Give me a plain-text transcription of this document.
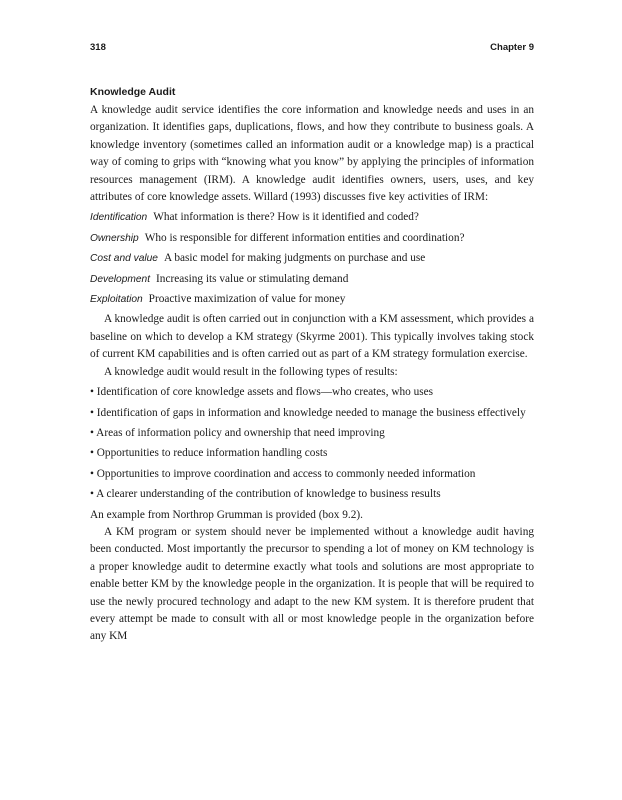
318	Chapter 9
Knowledge Audit

A knowledge audit service identifies the core information and knowledge needs and uses in an organization. It identifies gaps, duplications, flows, and how they contribute to business goals. A knowledge inventory (sometimes called an information audit or a knowledge map) is a practical way of coming to grips with “knowing what you know” by applying the principles of information resources management (IRM). A knowledge audit identifies owners, users, uses, and key attributes of core knowledge assets. Willard (1993) discusses five key activities of IRM:

Identification What information is there? How is it identified and coded?
Ownership Who is responsible for different information entities and coordination?
Cost and value A basic model for making judgments on purchase and use
Development Increasing its value or stimulating demand
Exploitation Proactive maximization of value for money

A knowledge audit is often carried out in conjunction with a KM assessment, which provides a baseline on which to develop a KM strategy (Skyrme 2001). This typically involves taking stock of current KM capabilities and is often carried out as part of a KM strategy formulation exercise.

A knowledge audit would result in the following types of results:

• Identification of core knowledge assets and flows—who creates, who uses

• Identification of gaps in information and knowledge needed to manage the business effectively

• Areas of information policy and ownership that need improving

• Opportunities to reduce information handling costs

• Opportunities to improve coordination and access to commonly needed information

• A clearer understanding of the contribution of knowledge to business results

An example from Northrop Grumman is provided (box 9.2).

A KM program or system should never be implemented without a knowledge audit having been conducted. Most importantly the precursor to spending a lot of money on KM technology is a proper knowledge audit to determine exactly what tools and solutions are most appropriate to enable better KM by the knowledge people in the organization. It is people that will be required to use the newly procured technology and adapt to the new KM system. It is therefore prudent that every attempt be made to consult with all or most knowledge people in the organization before any KM
